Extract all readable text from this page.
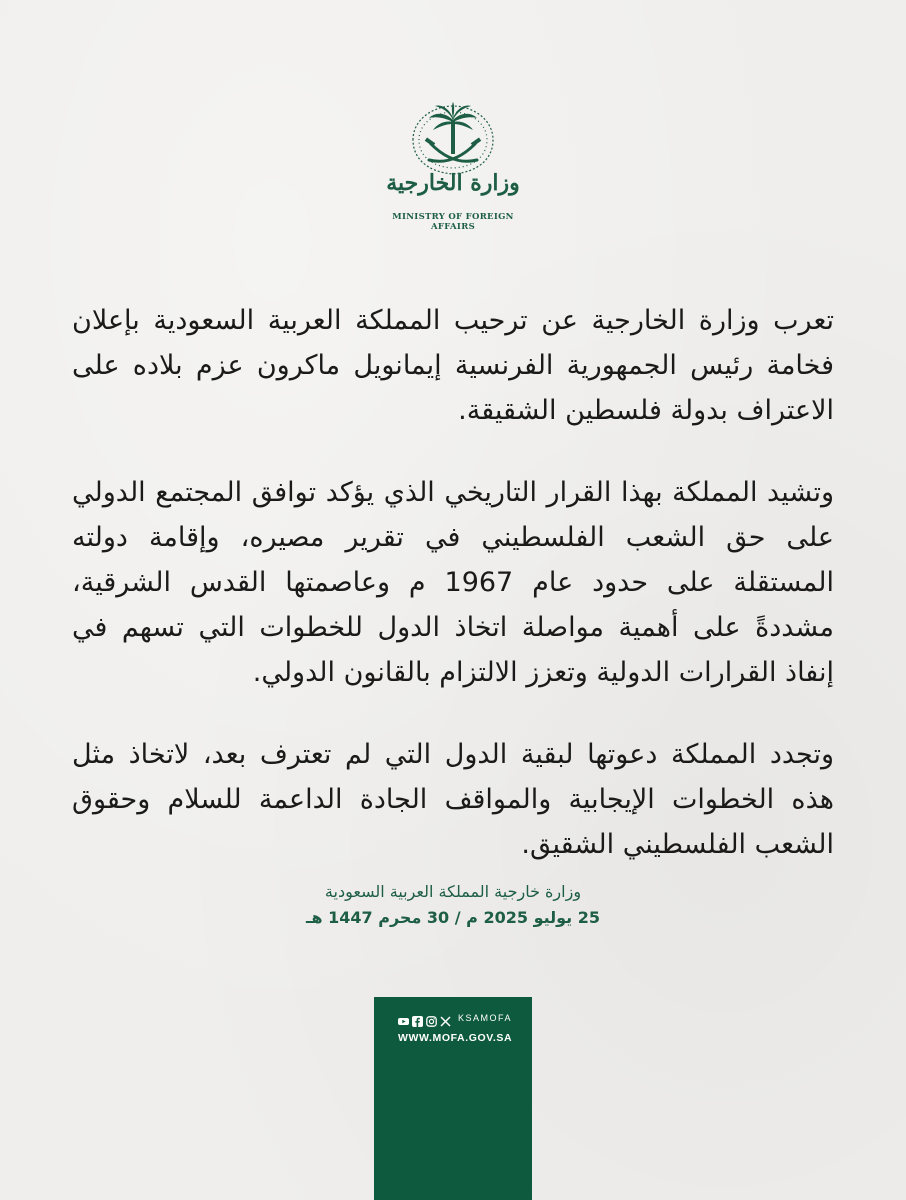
وزارة الخارجية
MINISTRY OF FOREIGN AFFAIRS

تعرب وزارة الخارجية عن ترحيب المملكة العربية السعودية بإعلان فخامة رئيس الجمهورية الفرنسية إيمانويل ماكرون عزم بلاده على الاعتراف بدولة فلسطين الشقيقة.

وتشيد المملكة بهذا القرار التاريخي الذي يؤكد توافق المجتمع الدولي على حق الشعب الفلسطيني في تقرير مصيره، وإقامة دولته المستقلة على حدود عام 1967 م وعاصمتها القدس الشرقية، مشددةً على أهمية مواصلة اتخاذ الدول للخطوات التي تسهم في إنفاذ القرارات الدولية وتعزز الالتزام بالقانون الدولي.

وتجدد المملكة دعوتها لبقية الدول التي لم تعترف بعد، لاتخاذ مثل هذه الخطوات الإيجابية والمواقف الجادة الداعمة للسلام وحقوق الشعب الفلسطيني الشقيق.

وزارة خارجية المملكة العربية السعودية
25 يوليو 2025 م / 30 محرم 1447 هـ
KSAMOFA
WWW.MOFA.GOV.SA
